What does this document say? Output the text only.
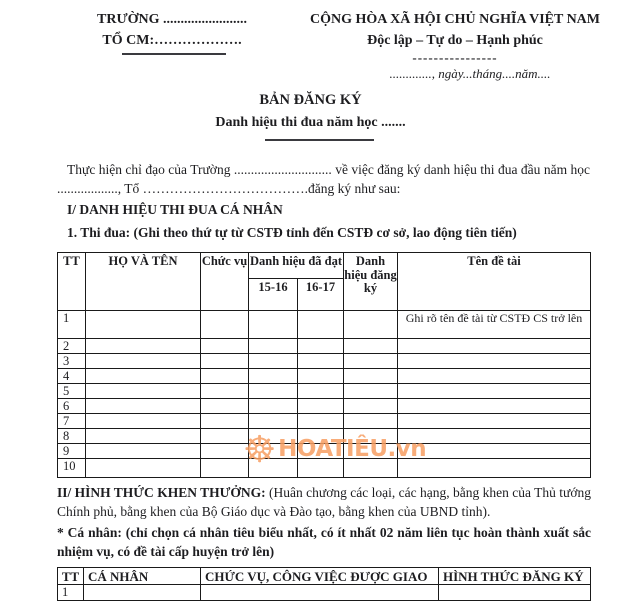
TRƯỜNG ........................
TỔ CM:……………….
CỘNG HÒA XÃ HỘI CHỦ NGHĨA VIỆT NAM
Độc lập – Tự do – Hạnh phúc
----------------
............., ngày...tháng....năm....
BẢN ĐĂNG KÝ
Danh hiệu thi đua năm học .......
Thực hiện chỉ đạo của Trường ............................. về việc đăng ký danh hiệu thi đua đầu năm học
.................., Tổ ……………………………….đăng ký như sau:
I/ DANH HIỆU THI ĐUA CÁ NHÂN
1. Thi đua: (Ghi theo thứ tự từ CSTĐ tỉnh đến CSTĐ cơ sở, lao động tiên tiến)
TT	HỌ VÀ TÊN	Chức vụ	Danh hiệu đã đạt		Danh hiệu đăng ký	Tên đề tài
			15-16	16-17		
1						Ghi rõ tên đề tài từ CSTĐ CS trở lên
2						
3						
4						
5						
6						
7						
8						
9						
10						
II/ HÌNH THỨC KHEN THƯỞNG: (Huân chương các loại, các hạng, bằng khen của Thủ tướng Chính phủ, bằng khen của Bộ Giáo dục và Đào tạo, bằng khen của UBND tỉnh).
* Cá nhân: (chỉ chọn cá nhân tiêu biểu nhất, có ít nhất 02 năm liên tục hoàn thành xuất sắc nhiệm vụ, có đề tài cấp huyện trở lên)
TT	CÁ NHÂN	CHỨC VỤ, CÔNG VIỆC ĐƯỢC GIAO	HÌNH THỨC ĐĂNG KÝ
1			
☸ HOATIÊU.vn
